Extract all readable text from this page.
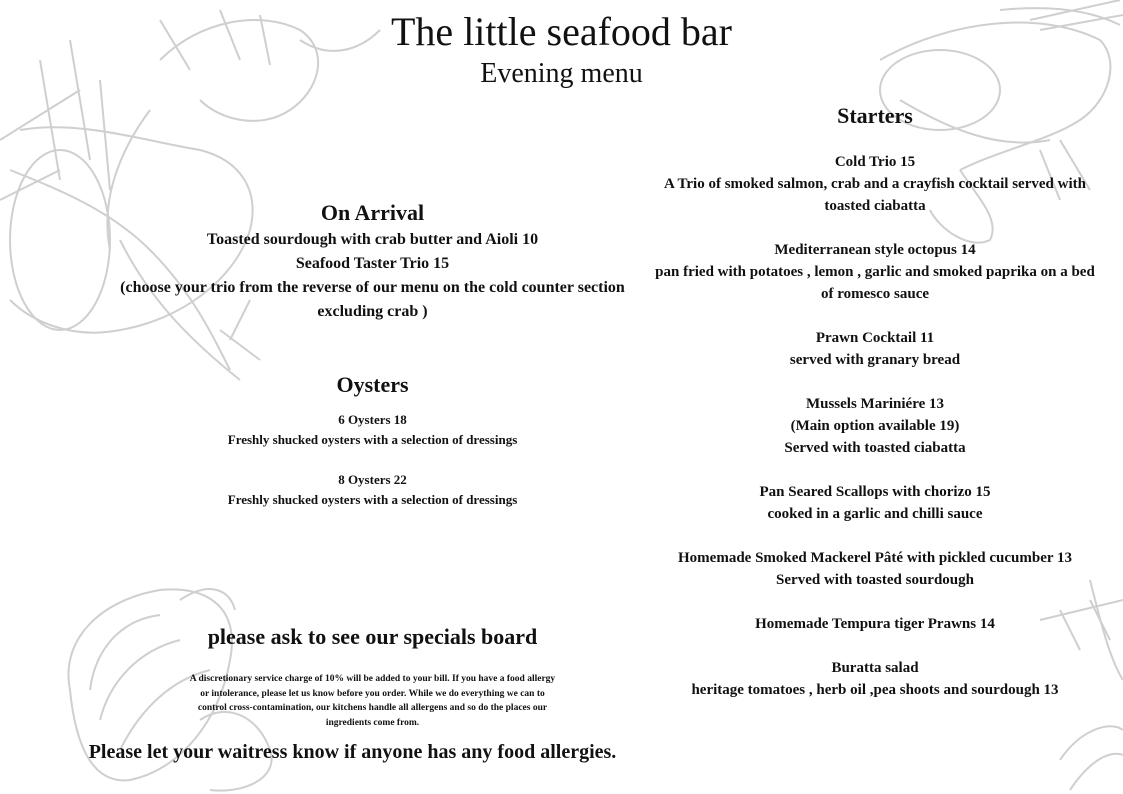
The little seafood bar
Evening menu
On Arrival
Toasted sourdough with crab butter and Aioli 10
Seafood Taster Trio 15
(choose your trio from the reverse of our menu on the cold counter section
excluding crab )
Oysters
6 Oysters 18
Freshly shucked oysters with a selection of dressings
8 Oysters 22
Freshly shucked oysters with a selection of dressings
please ask to see our specials board
A discretionary service charge of 10% will be added to your bill. If you have a food allergy
or intolerance, please let us know before you order. While we do everything we can to
control cross-contamination, our kitchens handle all allergens and so do the places our
ingredients come from.
Please let your waitress know if anyone has any food allergies.
Starters
Cold Trio 15
A Trio of smoked salmon, crab and a crayfish cocktail served with
toasted ciabatta
Mediterranean style octopus 14
pan fried with potatoes , lemon , garlic and smoked paprika on a bed
of romesco sauce
Prawn Cocktail 11
served with granary bread
Mussels Mariniére 13
(Main option available 19)
Served with toasted ciabatta
Pan Seared Scallops with chorizo 15
cooked in a garlic and chilli sauce
Homemade Smoked Mackerel Pâté with pickled cucumber 13
Served with toasted sourdough
Homemade Tempura tiger Prawns 14
Buratta salad
heritage tomatoes , herb oil ,pea shoots and sourdough 13
